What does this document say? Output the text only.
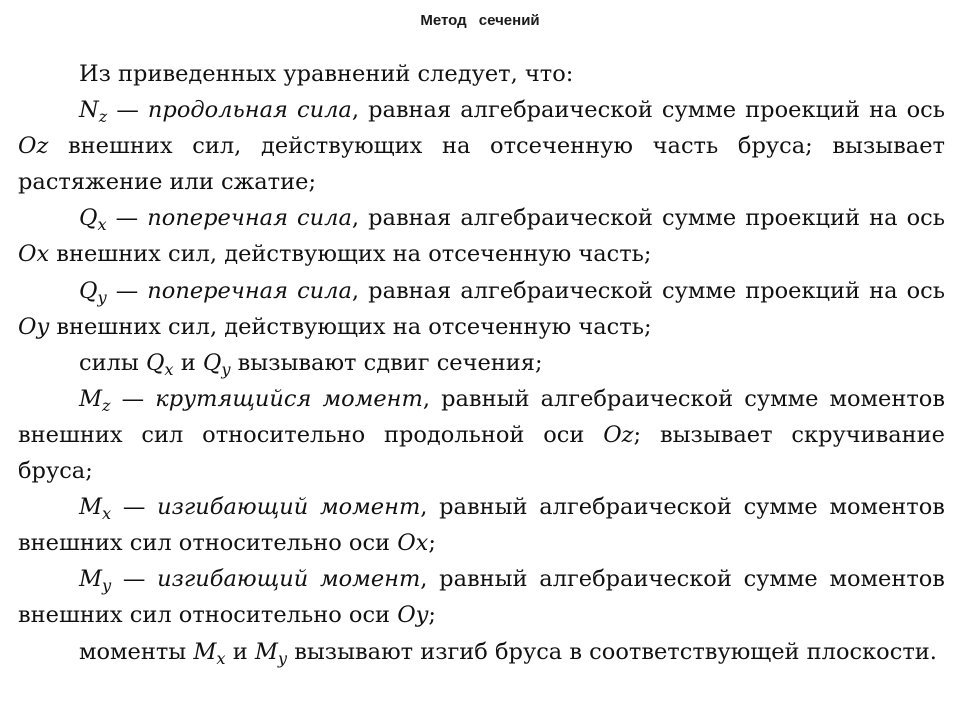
Метод сечений

Из приведенных уравнений следует, что:

$N_z$ — продольная сила, равная алгебраической сумме проекций на ось Oz внешних сил, действующих на отсеченную часть бруса; вызывает растяжение или сжатие;

$Q_x$ — поперечная сила, равная алгебраической сумме проекций на ось Ox внешних сил, действующих на отсеченную часть;

$Q_y$ — поперечная сила, равная алгебраической сумме проекций на ось Oy внешних сил, действующих на отсеченную часть;

силы $Q_x$ и $Q_y$ вызывают сдвиг сечения;

$M_z$ — крутящийся момент, равный алгебраической сумме моментов внешних сил относительно продольной оси Oz; вызывает скручивание бруса;

$M_x$ — изгибающий момент, равный алгебраической сумме моментов внешних сил относительно оси Ox;

$M_y$ — изгибающий момент, равный алгебраической сумме моментов внешних сил относительно оси Oy;

моменты $M_x$ и $M_y$ вызывают изгиб бруса в соответствующей плоскости.
